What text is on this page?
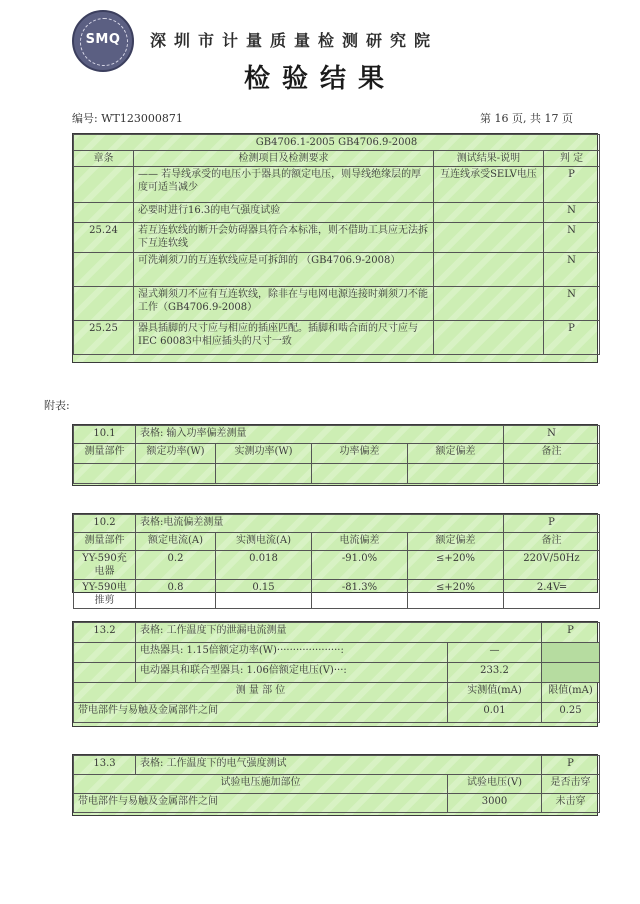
SMQ	深圳市计量质量检测研究院
检验结果
编号: WT123000871	第 16 页, 共 17 页
GB4706.1-2005 GB4706.9-2008			
章条	检测项目及检测要求	测试结果-说明	判 定
	—— 若导线承受的电压小于器具的额定电压，则导线绝缘层的厚度可适当减少	互连线承受SELV电压	P
	必要时进行16.3的电气强度试验		N
25.24	若互连软线的断开会妨碍器具符合本标准，则不借助工具应无法拆下互连软线		N
	可洗剃须刀的互连软线应是可拆卸的 （GB4706.9-2008）		N
	湿式剃须刀不应有互连软线，除非在与电网电源连接时剃须刀不能工作（GB4706.9-2008）		N
25.25	器具插脚的尺寸应与相应的插座匹配。插脚和啮合面的尺寸应与IEC 60083中相应插头的尺寸一致		P
附表:
10.1	表格: 输入功率偏差测量				N
测量部件	额定功率(W)	实测功率(W)	功率偏差	额定偏差	备注

10.2	表格:电流偏差测量				P
测量部件	额定电流(A)	实测电流(A)	电流偏差	额定偏差	备注
YY-590充电器	0.2	0.018	-91.0%	≤+20%	220V/50Hz
YY-590电推剪	0.8	0.15	-81.3%	≤+20%	2.4V═
13.2	表格: 工作温度下的泄漏电流测量		P
	电热器具: 1.15倍额定功率(W)····················:	—	
	电动器具和联合型器具: 1.06倍额定电压(V)···:	233.2	
测 量 部 位		实测值(mA)	限值(mA)
带电部件与易触及金属部件之间		0.01	0.25
13.3	表格: 工作温度下的电气强度测试		P
试验电压施加部位		试验电压(V)	是否击穿
带电部件与易触及金属部件之间		3000	未击穿
